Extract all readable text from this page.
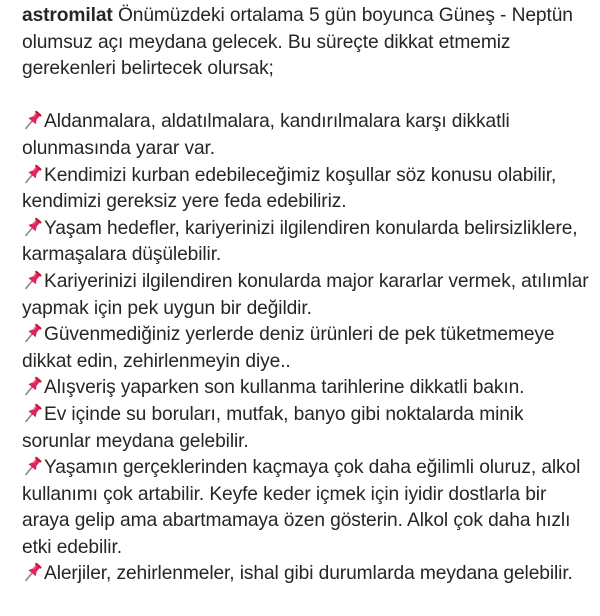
astromilat Önümüzdeki ortalama 5 gün boyunca Güneş - Neptün olumsuz açı meydana gelecek. Bu süreçte dikkat etmemiz gerekenleri belirtecek olursak;

Aldanmalara, aldatılmalara, kandırılmalara karşı dikkatli olunmasında yarar var.

Kendimizi kurban edebileceğimiz koşullar söz konusu olabilir, kendimizi gereksiz yere feda edebiliriz.

Yaşam hedefler, kariyerinizi ilgilendiren konularda belirsizliklere, karmaşalara düşülebilir.

Kariyerinizi ilgilendiren konularda major kararlar vermek, atılımlar yapmak için pek uygun bir değildir.

Güvenmediğiniz yerlerde deniz ürünleri de pek tüketmemeye dikkat edin, zehirlenmeyin diye..

Alışveriş yaparken son kullanma tarihlerine dikkatli bakın.

Ev içinde su boruları, mutfak, banyo gibi noktalarda minik sorunlar meydana gelebilir.

Yaşamın gerçeklerinden kaçmaya çok daha eğilimli oluruz, alkol kullanımı çok artabilir. Keyfe keder içmek için iyidir dostlarla bir araya gelip ama abartmamaya özen gösterin. Alkol çok daha hızlı etki edebilir.

Alerjiler, zehirlenmeler, ishal gibi durumlarda meydana gelebilir.
